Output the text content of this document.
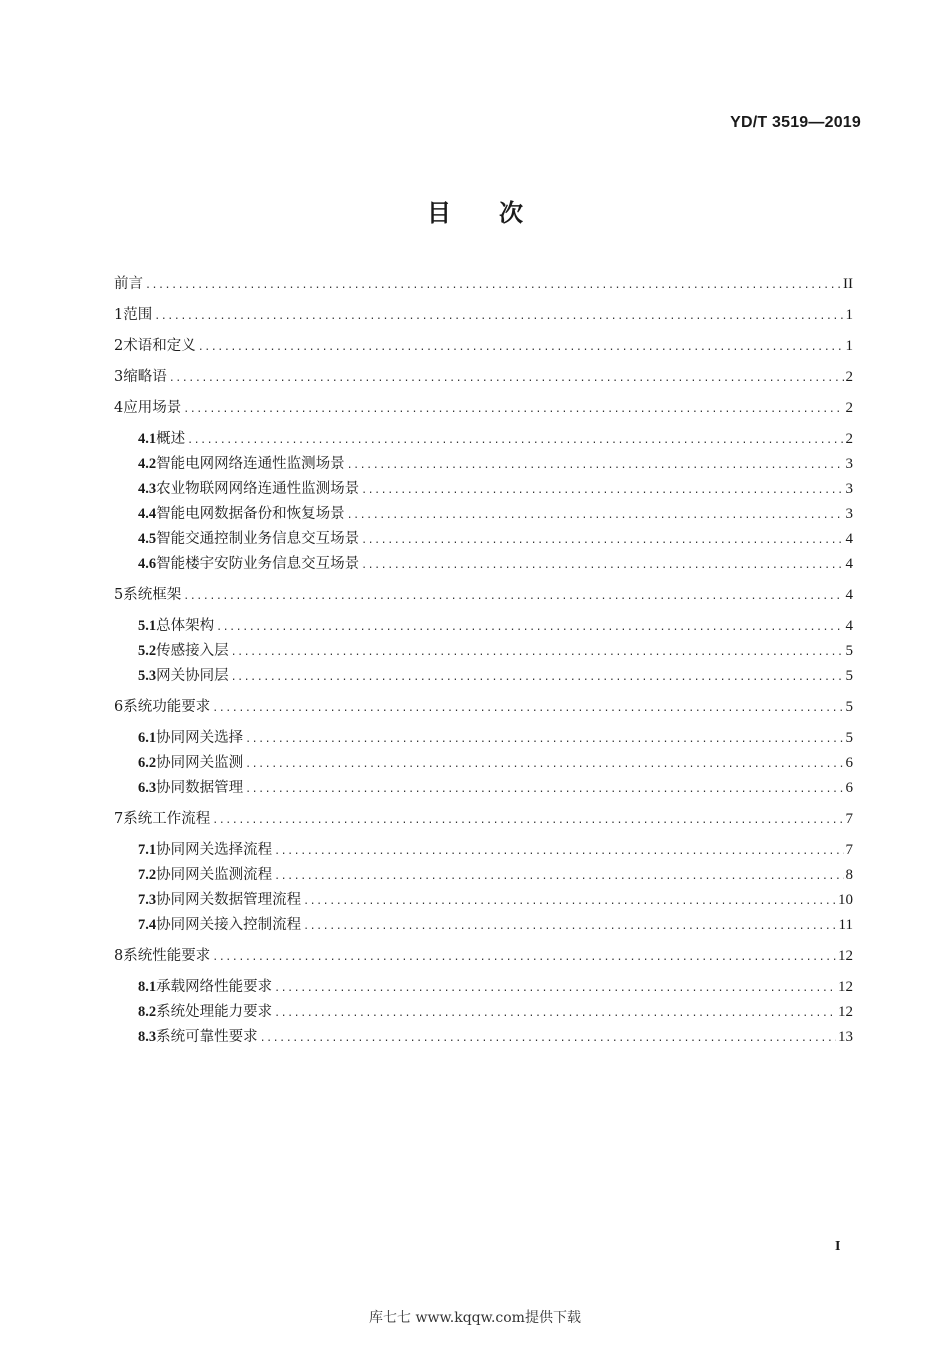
YD/T 3519—2019
目次
前言 .....	II
1 范围 .....	1
2 术语和定义 .....	1
3 缩略语 .....	2
4 应用场景 .....	2
4.1 概述 .....	2
4.2 智能电网网络连通性监测场景 .....	3
4.3 农业物联网网络连通性监测场景 .....	3
4.4 智能电网数据备份和恢复场景 .....	3
4.5 智能交通控制业务信息交互场景 .....	4
4.6 智能楼宇安防业务信息交互场景 .....	4
5 系统框架 .....	4
5.1 总体架构 .....	4
5.2 传感接入层 .....	5
5.3 网关协同层 .....	5
6 系统功能要求 .....	5
6.1 协同网关选择 .....	5
6.2 协同网关监测 .....	6
6.3 协同数据管理 .....	6
7 系统工作流程 .....	7
7.1 协同网关选择流程 .....	7
7.2 协同网关监测流程 .....	8
7.3 协同网关数据管理流程 .....	10
7.4 协同网关接入控制流程 .....	11
8 系统性能要求 .....	12
8.1 承载网络性能要求 .....	12
8.2 系统处理能力要求 .....	12
8.3 系统可靠性要求 .....	13
I
库七七 www.kqqw.com提供下载
